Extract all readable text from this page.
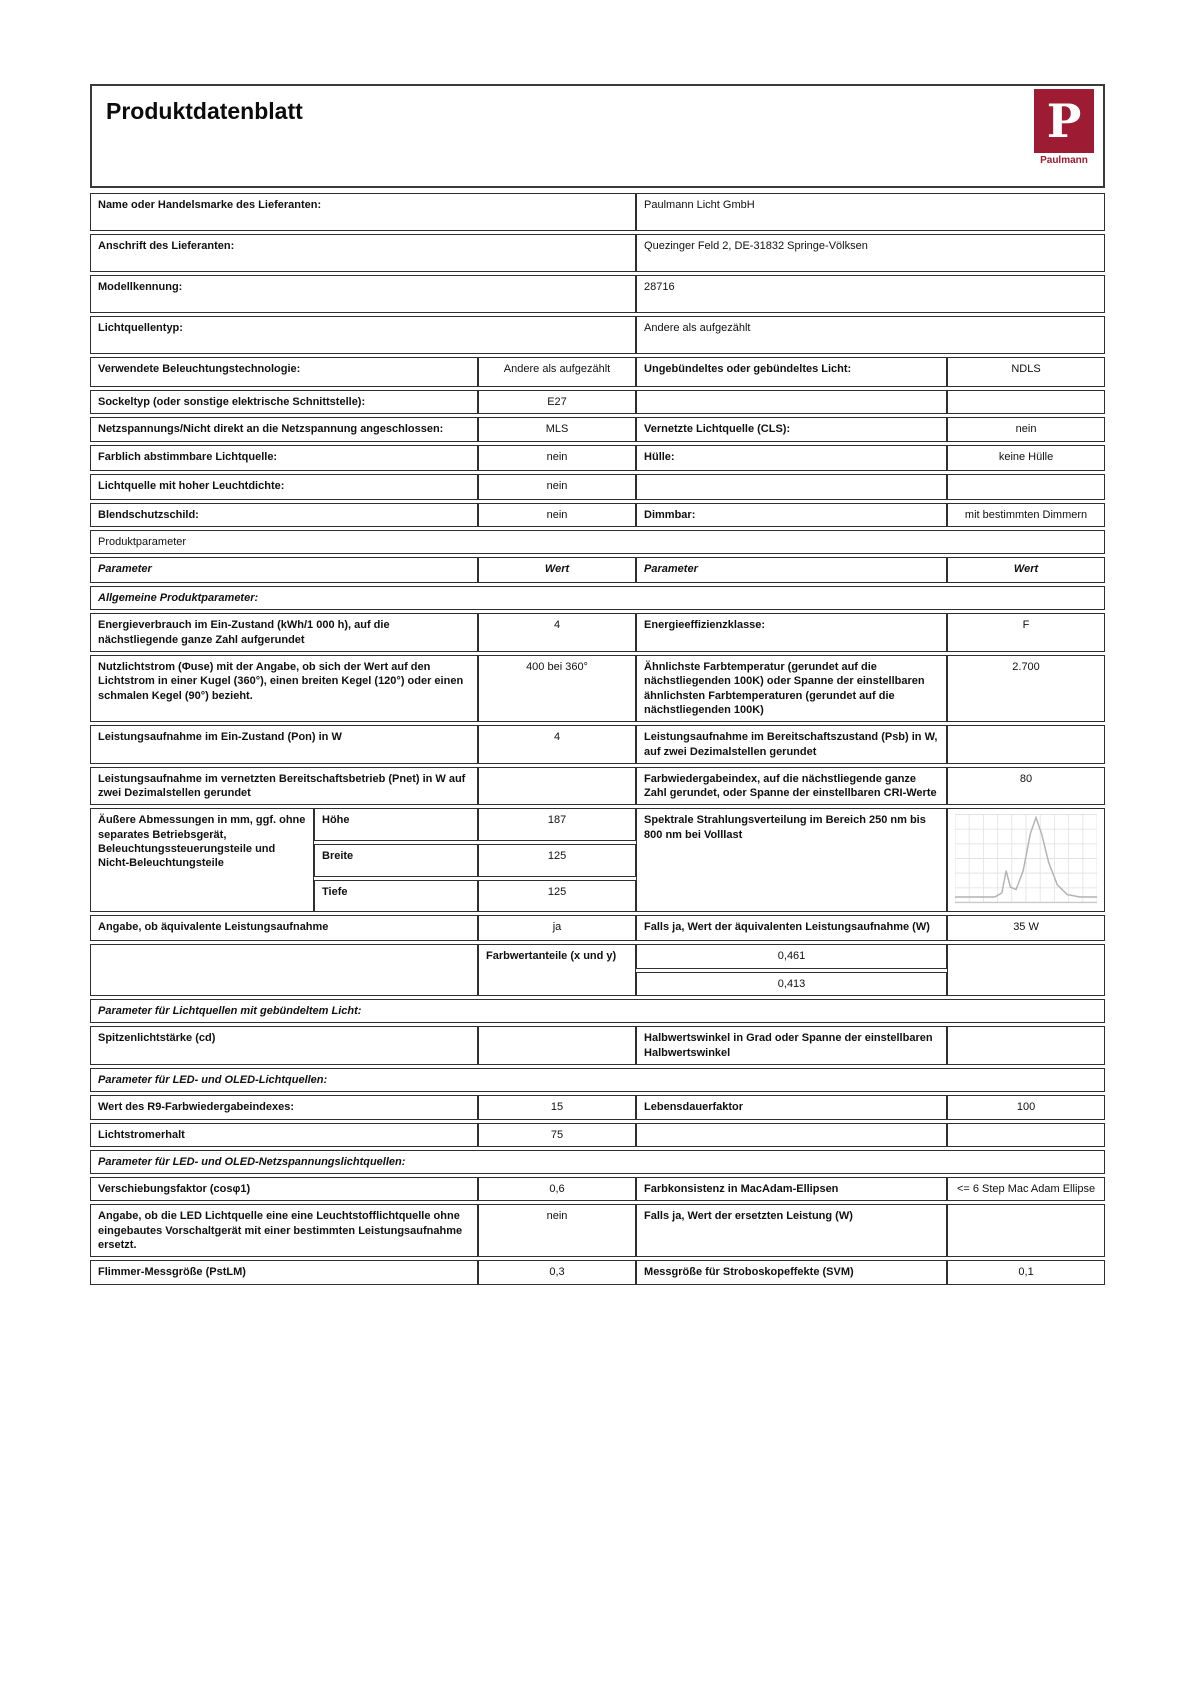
Produktdatenblatt	P
Paulmann
Name oder Handelsmarke des Lieferanten:			Paulmann Licht GmbH	
Anschrift des Lieferanten:			Quezinger Feld 2, DE-31832 Springe-Völksen	
Modellkennung:			28716	
Lichtquellentyp:			Andere als aufgezählt	
Verwendete Beleuchtungstechnologie:		Andere als aufgezählt	Ungebündeltes oder gebündeltes Licht:	NDLS
Sockeltyp (oder sonstige elektrische Schnittstelle):		E27		
Netzspannungs/Nicht direkt an die Netzspannung angeschlossen:		MLS	Vernetzte Lichtquelle (CLS):	nein
Farblich abstimmbare Lichtquelle:		nein	Hülle:	keine Hülle
Lichtquelle mit hoher Leuchtdichte:		nein		
Blendschutzschild:		nein	Dimmbar:	mit bestimmten Dimmern
Produktparameter				
Parameter		Wert	Parameter	Wert
Allgemeine Produktparameter:				
Energieverbrauch im Ein-Zustand (kWh/1 000 h), auf die nächstliegende ganze Zahl aufgerundet		4	Energieeffizienzklasse:	F
Nutzlichtstrom (Φuse) mit der Angabe, ob sich der Wert auf den Lichtstrom in einer Kugel (360°), einen breiten Kegel (120°) oder einen schmalen Kegel (90°) bezieht.		400 bei 360°	Ähnlichste Farbtemperatur (gerundet auf die nächstliegenden 100K) oder Spanne der einstellbaren ähnlichsten Farbtemperaturen (gerundet auf die nächstliegenden 100K)	2.700
Leistungsaufnahme im Ein-Zustand (Pon) in W		4	Leistungsaufnahme im Bereitschaftszustand (Psb) in W, auf zwei Dezimalstellen gerundet	
Leistungsaufnahme im vernetzten Bereitschaftsbetrieb (Pnet) in W auf zwei Dezimalstellen gerundet			Farbwiedergabeindex, auf die nächstliegende ganze Zahl gerundet, oder Spanne der einstellbaren CRI-Werte	80
Äußere Abmessungen in mm, ggf. ohne separates Betriebsgerät, Beleuchtungssteuerungsteile und Nicht-Beleuchtungsteile	Höhe	187	Spektrale Strahlungsverteilung im Bereich 250 nm bis 800 nm bei Volllast	

	Breite	125		
	Tiefe	125		
Angabe, ob äquivalente Leistungsaufnahme		ja	Falls ja, Wert der äquivalenten Leistungsaufnahme (W)	35 W
		Farbwertanteile (x und y)	0,461	
			0,413	
Parameter für Lichtquellen mit gebündeltem Licht:				
Spitzenlichtstärke (cd)			Halbwertswinkel in Grad oder Spanne der einstellbaren Halbwertswinkel	
Parameter für LED- und OLED-Lichtquellen:				
Wert des R9-Farbwiedergabeindexes:		15	Lebensdauerfaktor	100
Lichtstromerhalt		75		
Parameter für LED- und OLED-Netzspannungslichtquellen:				
Verschiebungsfaktor (cosφ1)		0,6	Farbkonsistenz in MacAdam-Ellipsen	<= 6 Step Mac Adam Ellipse
Angabe, ob die LED Lichtquelle eine eine Leuchtstofflichtquelle ohne eingebautes Vorschaltgerät mit einer bestimmten Leistungsaufnahme ersetzt.		nein	Falls ja, Wert der ersetzten Leistung (W)	
Flimmer-Messgröße (PstLM)		0,3	Messgröße für Stroboskopeffekte (SVM)	0,1
